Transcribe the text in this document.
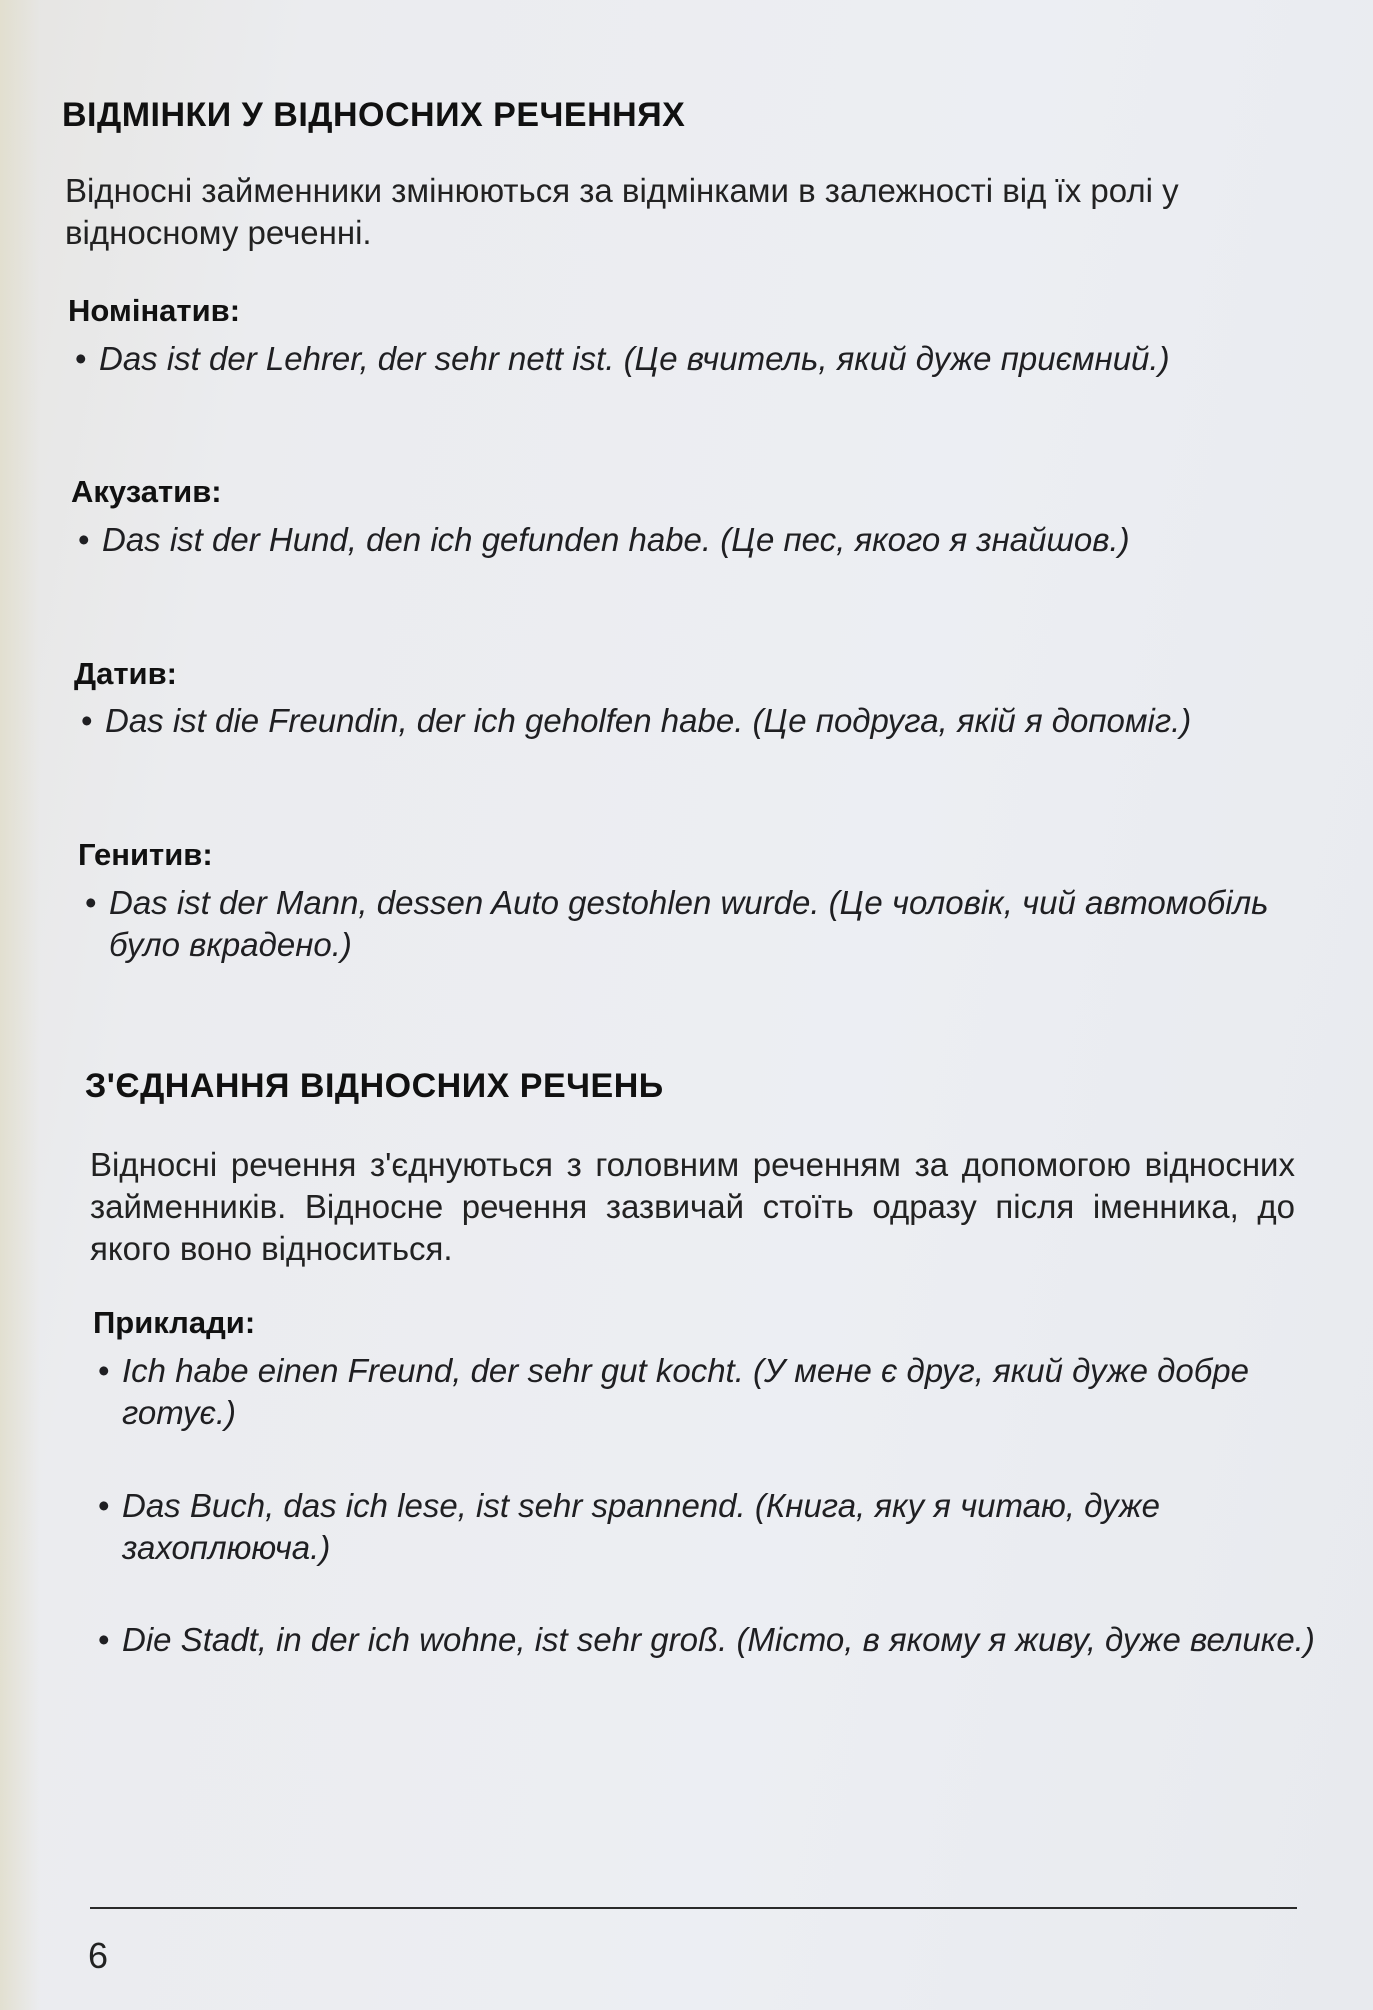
ВІДМІНКИ У ВІДНОСНИХ РЕЧЕННЯХ

Відносні займенники змінюються за відмінками в залежності від їх ролі у відносному реченні.

Номінатив:

• Das ist der Lehrer, der sehr nett ist. (Це вчитель, який дуже приємний.)

Акузатив:

• Das ist der Hund, den ich gefunden habe. (Це пес, якого я знайшов.)

Датив:

• Das ist die Freundin, der ich geholfen habe. (Це подруга, якій я допоміг.)

Генитив:

• Das ist der Mann, dessen Auto gestohlen wurde. (Це чоловік, чий автомобіль було вкрадено.)

З'ЄДНАННЯ ВІДНОСНИХ РЕЧЕНЬ

Відносні речення з'єднуються з головним реченням за допомогою відносних займенників. Відносне речення зазвичай стоїть одразу після іменника, до якого воно відноситься.

Приклади:

• Ich habe einen Freund, der sehr gut kocht. (У мене є друг, який дуже добре готує.)

• Das Buch, das ich lese, ist sehr spannend. (Книга, яку я читаю, дуже захоплююча.)

• Die Stadt, in der ich wohne, ist sehr groß. (Місто, в якому я живу, дуже велике.)

6
